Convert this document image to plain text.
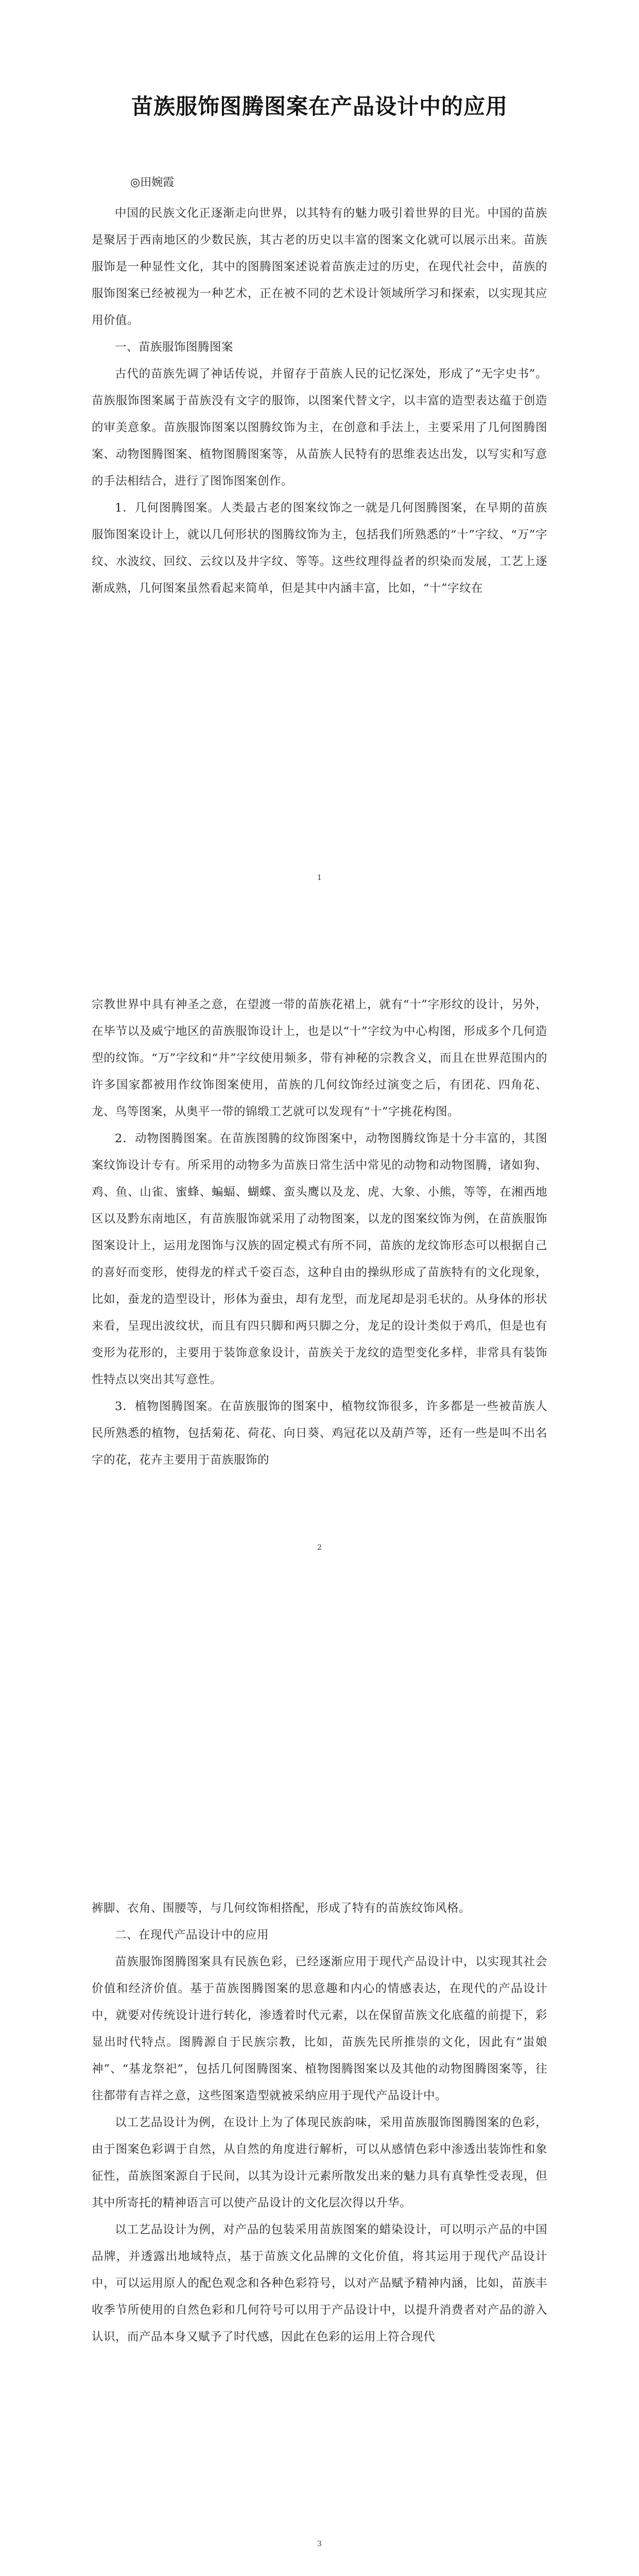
苗族服饰图腾图案在产品设计中的应用
◎田婉霞

中国的民族文化正逐渐走向世界，以其特有的魅力吸引着世界的目光。中国的苗族是聚居于西南地区的少数民族，其古老的历史以丰富的图案文化就可以展示出来。苗族服饰是一种显性文化，其中的图腾图案述说着苗族走过的历史，在现代社会中，苗族的服饰图案已经被视为一种艺术，正在被不同的艺术设计领域所学习和探索，以实现其应用价值。

一、苗族服饰图腾图案

古代的苗族先调了神话传说，并留存于苗族人民的记忆深处，形成了“无字史书”。苗族服饰图案属于苗族没有文字的服饰，以图案代替文字，以丰富的造型表达蕴于创造的审美意象。苗族服饰图案以图腾纹饰为主，在创意和手法上，主要采用了几何图腾图案、动物图腾图案、植物图腾图案等，从苗族人民特有的思维表达出发，以写实和写意的手法相结合，进行了图饰图案创作。

1．几何图腾图案。人类最古老的图案纹饰之一就是几何图腾图案，在早期的苗族服饰图案设计上，就以几何形状的图腾纹饰为主，包括我们所熟悉的“十”字纹、“万”字纹、水波纹、回纹、云纹以及井字纹、等等。这些纹理得益者的织染而发展，工艺上逐渐成熟，几何图案虽然看起来简单，但是其中内涵丰富，比如，“十”字纹在

1

宗教世界中具有神圣之意，在望渡一带的苗族花裙上，就有“十”字形纹的设计，另外，在毕节以及威宁地区的苗族服饰设计上，也是以“十”字纹为中心构图，形成多个几何造型的纹饰。“万”字纹和“井”字纹使用频多，带有神秘的宗教含义，而且在世界范围内的许多国家都被用作纹饰图案使用，苗族的几何纹饰经过演变之后，有团花、四角花、龙、鸟等图案，从奥平一带的锦缎工艺就可以发现有“十”字挑花构图。

2．动物图腾图案。在苗族图腾的纹饰图案中，动物图腾纹饰是十分丰富的，其图案纹饰设计专有。所采用的动物多为苗族日常生活中常见的动物和动物图腾，诸如狗、鸡、鱼、山雀、蜜蜂、蝙蝠、蝴蝶、蛮头鹰以及龙、虎、大象、小熊，等等，在湘西地区以及黔东南地区，有苗族服饰就采用了动物图案，以龙的图案纹饰为例，在苗族服饰图案设计上，运用龙图饰与汉族的固定模式有所不同，苗族的龙纹饰形态可以根据自己的喜好而变形，使得龙的样式千姿百态，这种自由的操纵形成了苗族特有的文化现象，比如，蚕龙的造型设计，形体为蚕虫，却有龙型，而龙尾却是羽毛状的。从身体的形状来看，呈现出波纹状，而且有四只脚和两只脚之分，龙足的设计类似于鸡爪，但是也有变形为花形的，主要用于装饰意象设计，苗族关于龙纹的造型变化多样，非常具有装饰性特点以突出其写意性。

3．植物图腾图案。在苗族服饰的图案中，植物纹饰很多，许多都是一些被苗族人民所熟悉的植物，包括菊花、荷花、向日葵、鸡冠花以及葫芦等，还有一些是叫不出名字的花，花卉主要用于苗族服饰的

2

裤脚、衣角、围腰等，与几何纹饰相搭配，形成了特有的苗族纹饰风格。

二、在现代产品设计中的应用

苗族服饰图腾图案具有民族色彩，已经逐渐应用于现代产品设计中，以实现其社会价值和经济价值。基于苗族图腾图案的思意趣和内心的情感表达，在现代的产品设计中，就要对传统设计进行转化，渗透着时代元素，以在保留苗族文化底蕴的前提下，彩显出时代特点。图腾源自于民族宗教，比如，苗族先民所推崇的文化，因此有“蚩娘神”、“基龙祭祀”，包括几何图腾图案、植物图腾图案以及其他的动物图腾图案等，往往都带有吉祥之意，这些图案造型就被采纳应用于现代产品设计中。

以工艺品设计为例，在设计上为了体现民族韵味，采用苗族服饰图腾图案的色彩，由于图案色彩调于自然，从自然的角度进行解析，可以从感情色彩中渗透出装饰性和象征性，苗族图案源自于民间，以其为设计元素所散发出来的魅力具有真挚性受表现，但其中所寄托的精神语言可以使产品设计的文化层次得以升华。

以工艺品设计为例，对产品的包装采用苗族图案的蜡染设计，可以明示产品的中国品牌，并透露出地域特点，基于苗族文化品牌的文化价值，将其运用于现代产品设计中，可以运用原人的配色观念和各种色彩符号，以对产品赋予精神内涵，比如，苗族丰收季节所使用的自然色彩和几何符号可以用于产品设计中，以提升消费者对产品的游入认识，而产品本身又赋予了时代感，因此在色彩的运用上符合现代

3
